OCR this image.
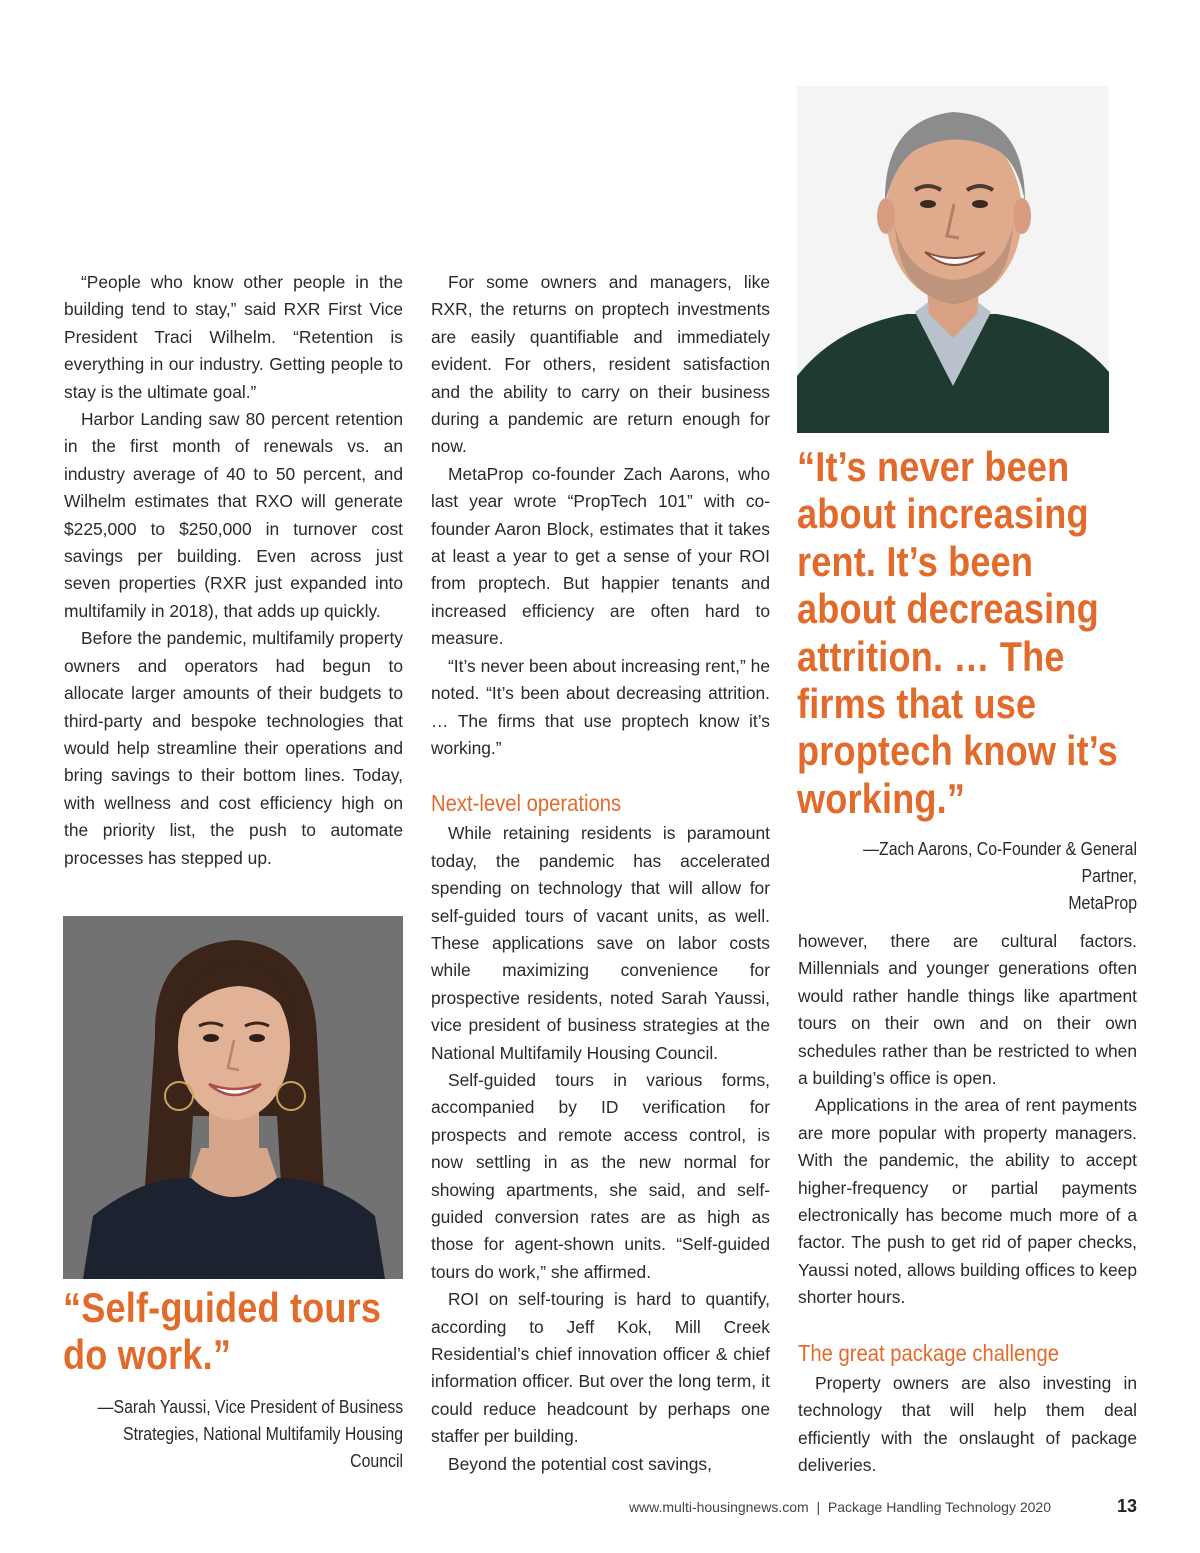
“It’s never been about increasing rent. It’s been about decreasing attrition. … The firms that use proptech know it’s working.”
—Zach Aarons, Co-Founder & General Partner,
MetaProp

“People who know other people in the building tend to stay,” said RXR First Vice President Traci Wilhelm. “Retention is everything in our industry. Getting people to stay is the ultimate goal.”

Harbor Landing saw 80 percent retention in the first month of renewals vs. an industry average of 40 to 50 percent, and Wilhelm estimates that RXO will generate $225,000 to $250,000 in turnover cost savings per building. Even across just seven properties (RXR just expanded into multifamily in 2018), that adds up quickly.

Before the pandemic, multifamily property owners and operators had begun to allocate larger amounts of their budgets to third-party and bespoke technologies that would help streamline their operations and bring savings to their bottom lines. Today, with wellness and cost efficiency high on the priority list, the push to automate processes has stepped up.

“Self-guided tours do work.”
—Sarah Yaussi, Vice President of Business
Strategies, National Multifamily Housing Council

For some owners and managers, like RXR, the returns on proptech investments are easily quantifiable and immediately evident. For others, resident satisfaction and the ability to carry on their business during a pandemic are return enough for now.

MetaProp co-founder Zach Aarons, who last year wrote “PropTech 101” with co-founder Aaron Block, estimates that it takes at least a year to get a sense of your ROI from proptech. But happier tenants and increased efficiency are often hard to measure.

“It’s never been about increasing rent,” he noted. “It’s been about decreasing attrition. … The firms that use proptech know it’s working.”

Next-level operations

While retaining residents is paramount today, the pandemic has accelerated spending on technology that will allow for self-guided tours of vacant units, as well. These applications save on labor costs while maximizing convenience for prospective residents, noted Sarah Yaussi, vice president of business strategies at the National Multifamily Housing Council.

Self-guided tours in various forms, accompanied by ID verification for prospects and remote access control, is now settling in as the new normal for showing apartments, she said, and self-guided conversion rates are as high as those for agent-shown units. “Self-guided tours do work,” she affirmed.

ROI on self-touring is hard to quantify, according to Jeff Kok, Mill Creek Residential’s chief innovation officer & chief information officer. But over the long term, it could reduce headcount by perhaps one staffer per building.

Beyond the potential cost savings,

however, there are cultural factors. Millennials and younger generations often would rather handle things like apartment tours on their own and on their own schedules rather than be restricted to when a building’s office is open.

Applications in the area of rent payments are more popular with property managers. With the pandemic, the ability to accept higher-frequency or partial payments electronically has become much more of a factor. The push to get rid of paper checks, Yaussi noted, allows building offices to keep shorter hours.

The great package challenge

Property owners are also investing in technology that will help them deal efficiently with the onslaught of package deliveries.

www.multi-housingnews.com  |  Package Handling Technology 2020	13
